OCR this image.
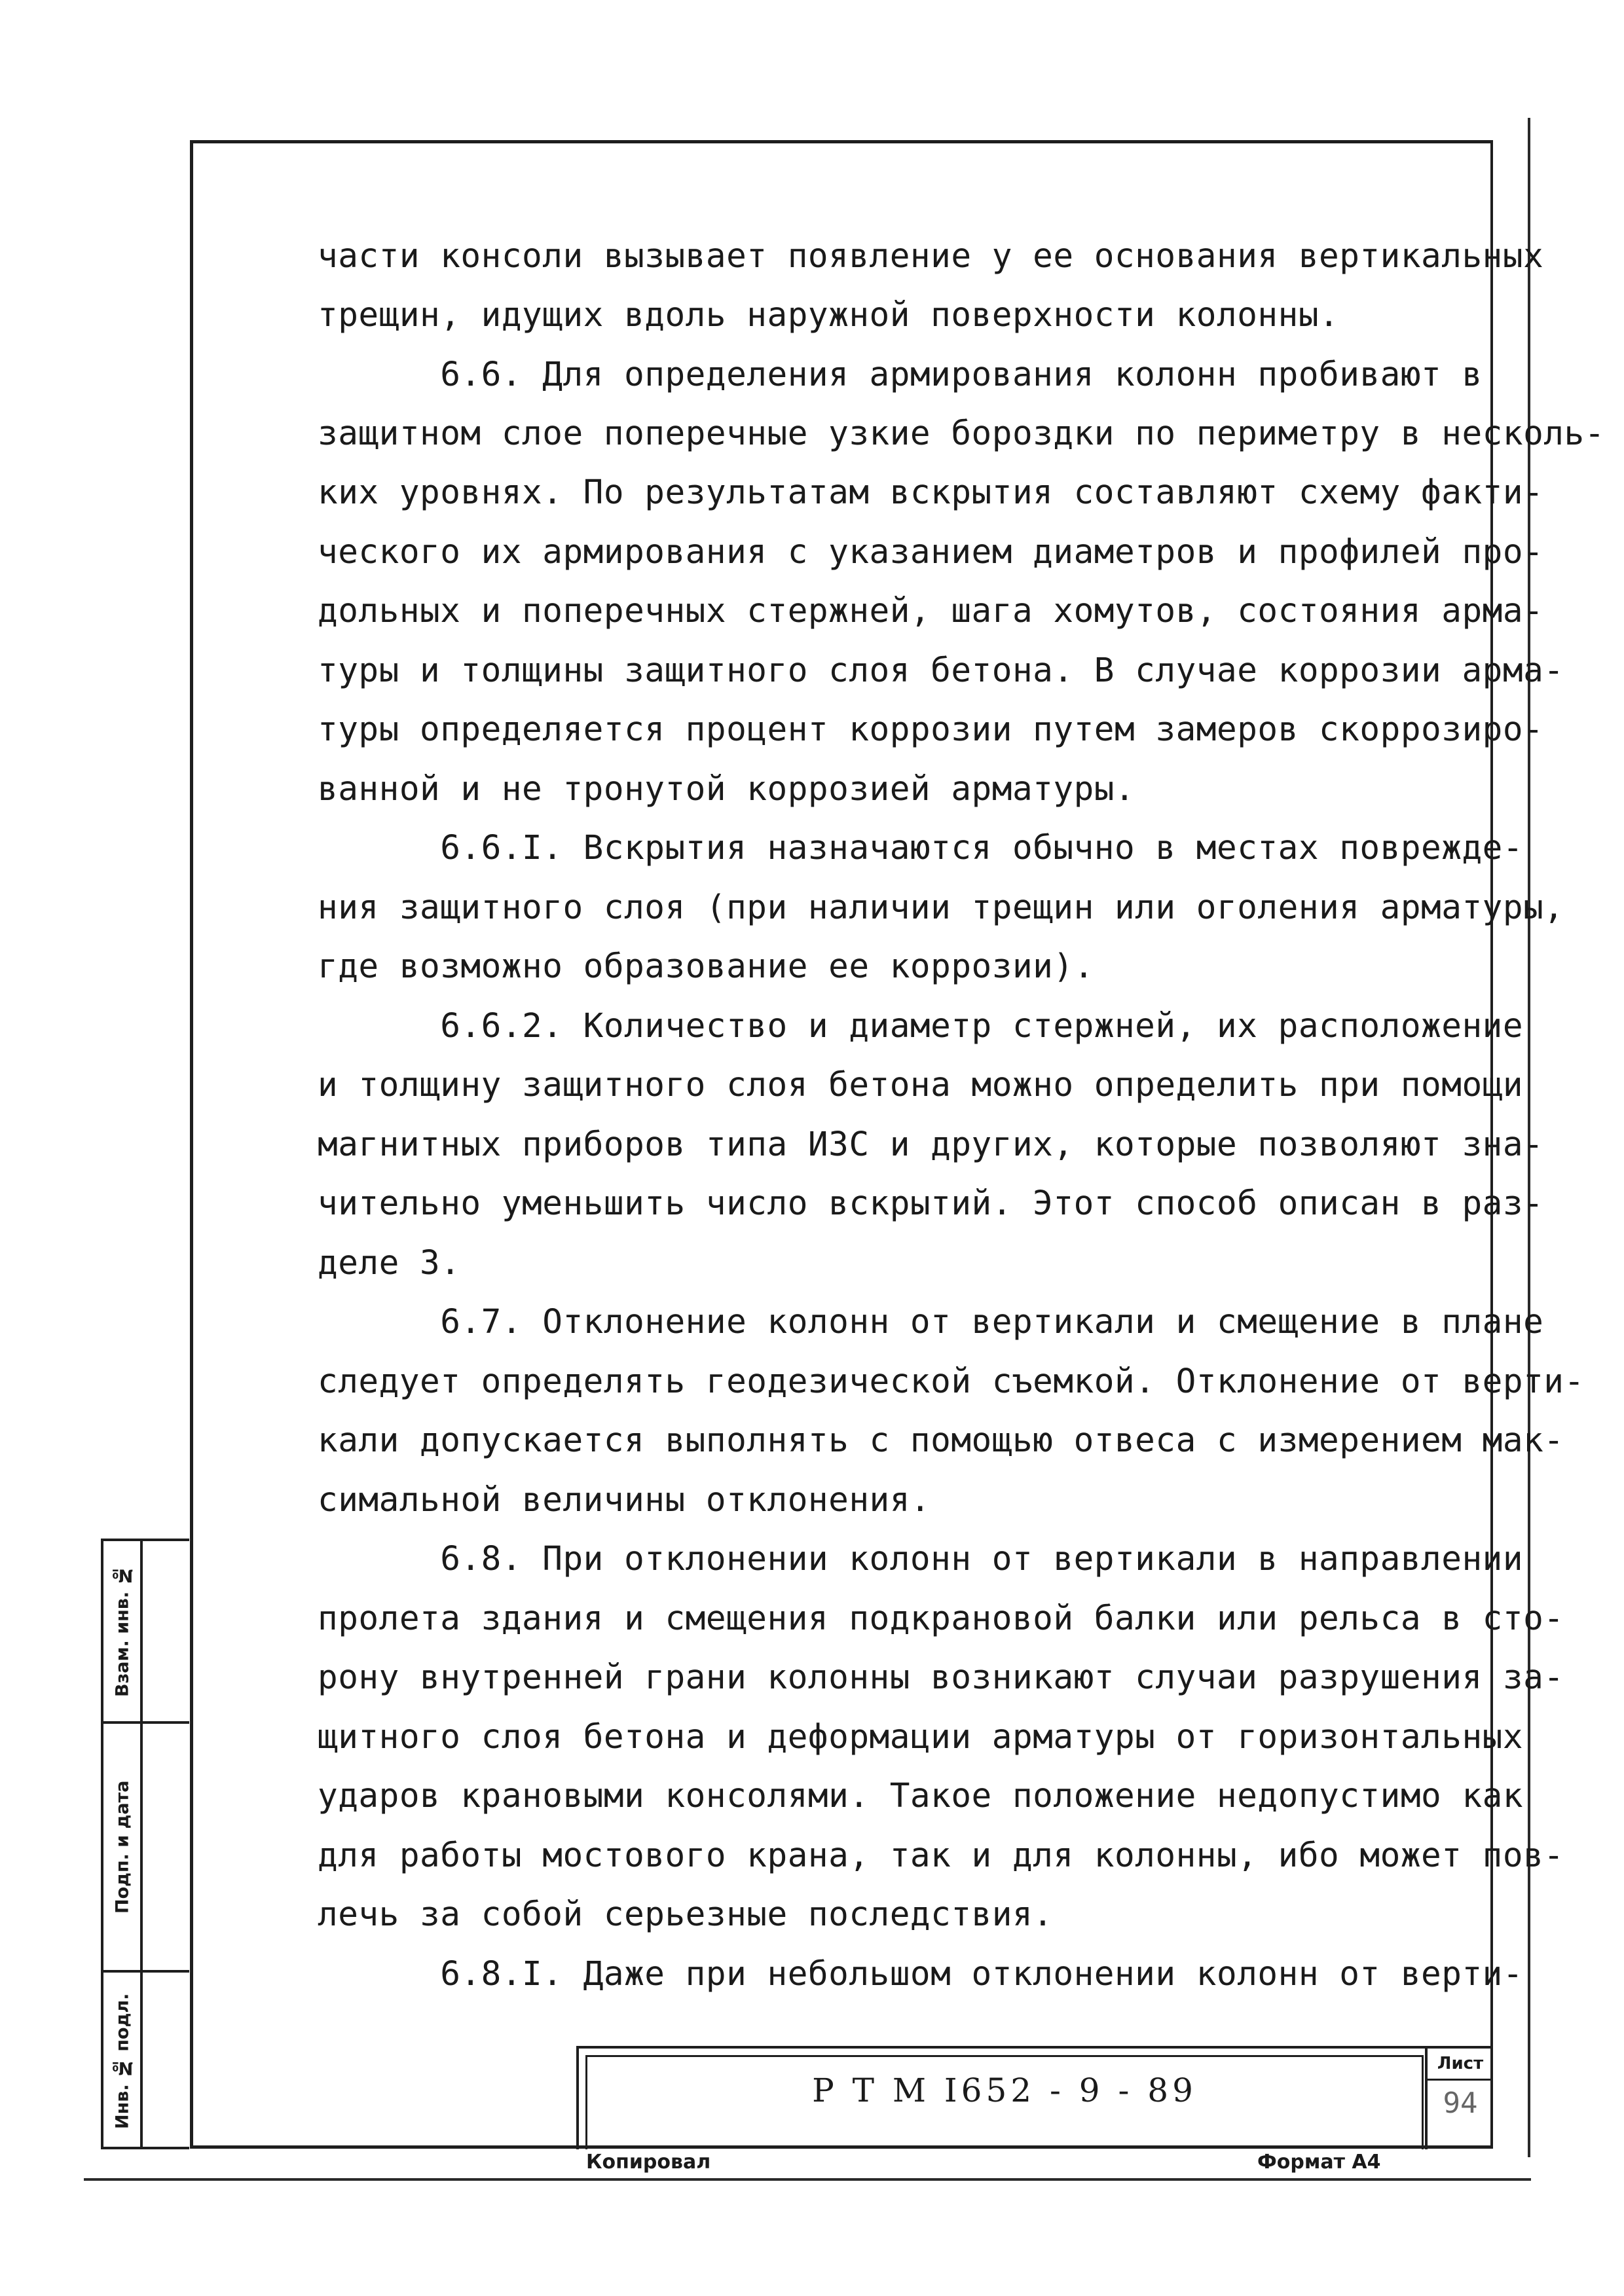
части консоли вызывает появление у ее основания вертикальных
трещин, идущих вдоль наружной поверхности колонны.
6.6. Для определения армирования колонн пробивают в
защитном слое поперечные узкие бороздки по периметру в несколь-
ких уровнях. По результатам вскрытия составляют схему факти-
ческого их армирования с указанием диаметров и профилей про-
дольных и поперечных стержней, шага хомутов, состояния арма-
туры и толщины защитного слоя бетона. В случае коррозии арма-
туры определяется процент коррозии путем замеров скоррозиро-
ванной и не тронутой коррозией арматуры.
6.6.I. Вскрытия назначаются обычно в местах поврежде-
ния защитного слоя (при наличии трещин или оголения арматуры,
где возможно образование ее коррозии).
6.6.2. Количество и диаметр стержней, их расположение
и толщину защитного слоя бетона можно определить при помощи
магнитных приборов типа ИЗС и других, которые позволяют зна-
чительно уменьшить число вскрытий. Этот способ описан в раз-
деле 3.
6.7. Отклонение колонн от вертикали и смещение в плане
следует определять геодезической съемкой. Отклонение от верти-
кали допускается выполнять с помощью отвеса с измерением мак-
симальной величины отклонения.
6.8. При отклонении колонн от вертикали в направлении
пролета здания и смещения подкрановой балки или рельса в сто-
рону внутренней грани колонны возникают случаи разрушения за-
щитного слоя бетона и деформации арматуры от горизонтальных
ударов крановыми консолями. Такое положение недопустимо как
для работы мостового крана, так и для колонны, ибо может пов-
лечь за собой серьезные последствия.
6.8.I. Даже при небольшом отклонении колонн от верти-
Взам. инв. №
Подп. и дата
Инв. № подл.	Р Т М I652 - 9 - 89
Лист
94
Копировал	Формат А4
